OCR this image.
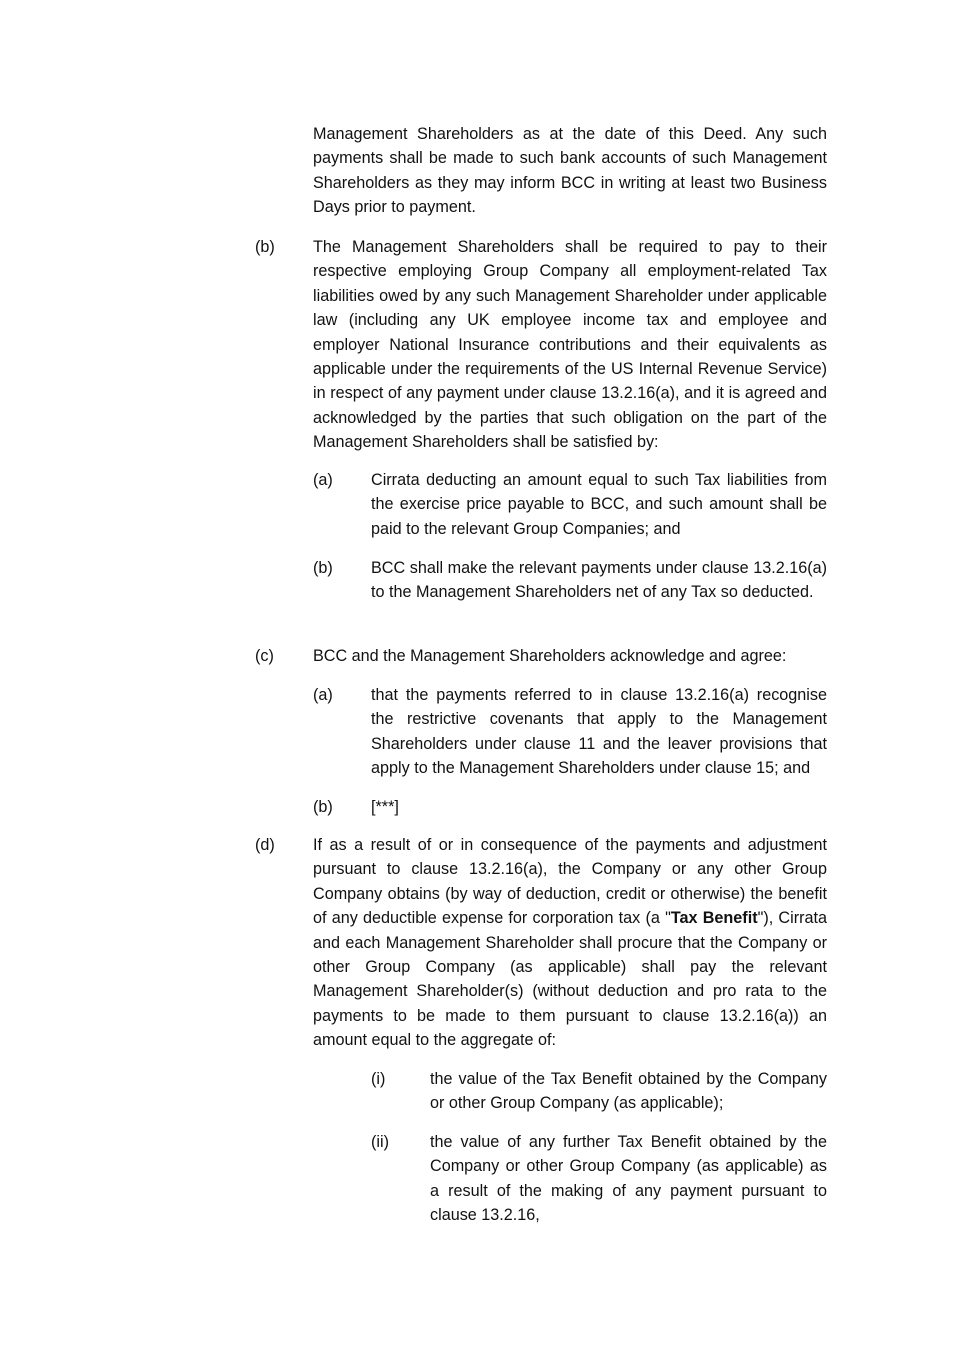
Management Shareholders as at the date of this Deed. Any such payments shall be made to such bank accounts of such Management Shareholders as they may inform BCC in writing at least two Business Days prior to payment.

(b) The Management Shareholders shall be required to pay to their respective employing Group Company all employment-related Tax liabilities owed by any such Management Shareholder under applicable law (including any UK employee income tax and employee and employer National Insurance contributions and their equivalents as applicable under the requirements of the US Internal Revenue Service) in respect of any payment under clause 13.2.16(a), and it is agreed and acknowledged by the parties that such obligation on the part of the Management Shareholders shall be satisfied by:

(a) Cirrata deducting an amount equal to such Tax liabilities from the exercise price payable to BCC, and such amount shall be paid to the relevant Group Companies; and

(b) BCC shall make the relevant payments under clause 13.2.16(a) to the Management Shareholders net of any Tax so deducted.

(c) BCC and the Management Shareholders acknowledge and agree:

(a) that the payments referred to in clause 13.2.16(a) recognise the restrictive covenants that apply to the Management Shareholders under clause 11 and the leaver provisions that apply to the Management Shareholders under clause 15; and

(b) [***]

(d) If as a result of or in consequence of the payments and adjustment pursuant to clause 13.2.16(a), the Company or any other Group Company obtains (by way of deduction, credit or otherwise) the benefit of any deductible expense for corporation tax (a "Tax Benefit"), Cirrata and each Management Shareholder shall procure that the Company or other Group Company (as applicable) shall pay the relevant Management Shareholder(s) (without deduction and pro rata to the payments to be made to them pursuant to clause 13.2.16(a)) an amount equal to the aggregate of:

(i)	the value of the Tax Benefit obtained by the Company or other Group Company (as applicable);

(ii)	the value of any further Tax Benefit obtained by the Company or other Group Company (as applicable) as a result of the making of any payment pursuant to clause 13.2.16,
